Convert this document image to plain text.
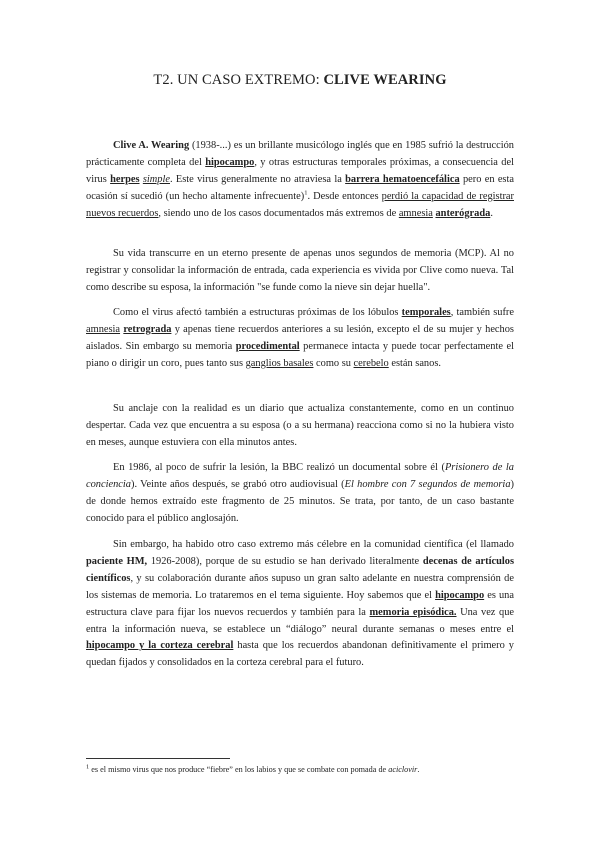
T2. UN CASO EXTREMO: CLIVE WEARING

Clive A. Wearing (1938-...) es un brillante musicólogo inglés que en 1985 sufrió la destrucción prácticamente completa del hipocampo, y otras estructuras temporales próximas, a consecuencia del virus herpes simple. Este virus generalmente no atraviesa la barrera hematoencefálica pero en esta ocasión sí sucedió (un hecho altamente infrecuente)$^1$. Desde entonces perdió la capacidad de registrar nuevos recuerdos, siendo uno de los casos documentados más extremos de amnesia anterógrada.

Su vida transcurre en un eterno presente de apenas unos segundos de memoria (MCP). Al no registrar y consolidar la información de entrada, cada experiencia es vivida por Clive como nueva. Tal como describe su esposa, la información "se funde como la nieve sin dejar huella".

Como el virus afectó también a estructuras próximas de los lóbulos temporales, también sufre amnesia retrograda y apenas tiene recuerdos anteriores a su lesión, excepto el de su mujer y hechos aislados. Sin embargo su memoria procedimental permanece intacta y puede tocar perfectamente el piano o dirigir un coro, pues tanto sus ganglios basales como su cerebelo están sanos.

Su anclaje con la realidad es un diario que actualiza constantemente, como en un continuo despertar. Cada vez que encuentra a su esposa (o a su hermana) reacciona como si no la hubiera visto en meses, aunque estuviera con ella minutos antes.

En 1986, al poco de sufrir la lesión, la BBC realizó un documental sobre él (Prisionero de la conciencia). Veinte años después, se grabó otro audiovisual (El hombre con 7 segundos de memoria) de donde hemos extraído este fragmento de 25 minutos. Se trata, por tanto, de un caso bastante conocido para el público anglosajón.

Sin embargo, ha habido otro caso extremo más célebre en la comunidad científica (el llamado paciente HM, 1926-2008), porque de su estudio se han derivado literalmente decenas de artículos científicos, y su colaboración durante años supuso un gran salto adelante en nuestra comprensión de los sistemas de memoria. Lo trataremos en el tema siguiente. Hoy sabemos que el hipocampo es una estructura clave para fijar los nuevos recuerdos y también para la memoria episódica. Una vez que entra la información nueva, se establece un “diálogo” neural durante semanas o meses entre el hipocampo y la corteza cerebral hasta que los recuerdos abandonan definitivamente el primero y quedan fijados y consolidados en la corteza cerebral para el futuro.

$^1$ es el mismo virus que nos produce “fiebre” en los labios y que se combate con pomada de aciclovir.
